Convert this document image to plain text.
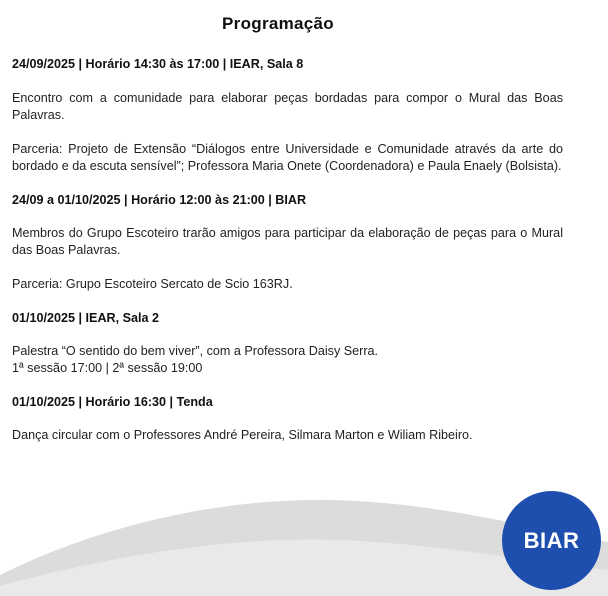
Programação

24/09/2025 | Horário 14:30 às 17:00 | IEAR, Sala 8

Encontro com a comunidade para elaborar peças bordadas para compor o Mural das Boas Palavras.

Parceria: Projeto de Extensão “Diálogos entre Universidade e Comunidade através da arte do bordado e da escuta sensível”; Professora Maria Onete (Coordenadora) e Paula Enaely (Bolsista).

24/09 a 01/10/2025 | Horário 12:00 às 21:00 | BIAR

Membros do Grupo Escoteiro trarão amigos para participar da elaboração de peças para o Mural das Boas Palavras.

Parceria: Grupo Escoteiro Sercato de Scio 163RJ.

01/10/2025 | IEAR, Sala 2

Palestra “O sentido do bem viver”, com a Professora Daisy Serra.

1ª sessão 17:00 | 2ª sessão 19:00

01/10/2025 | Horário 16:30 | Tenda

Dança circular com o Professores André Pereira, Silmara Marton e Wiliam Ribeiro.

BIAR
